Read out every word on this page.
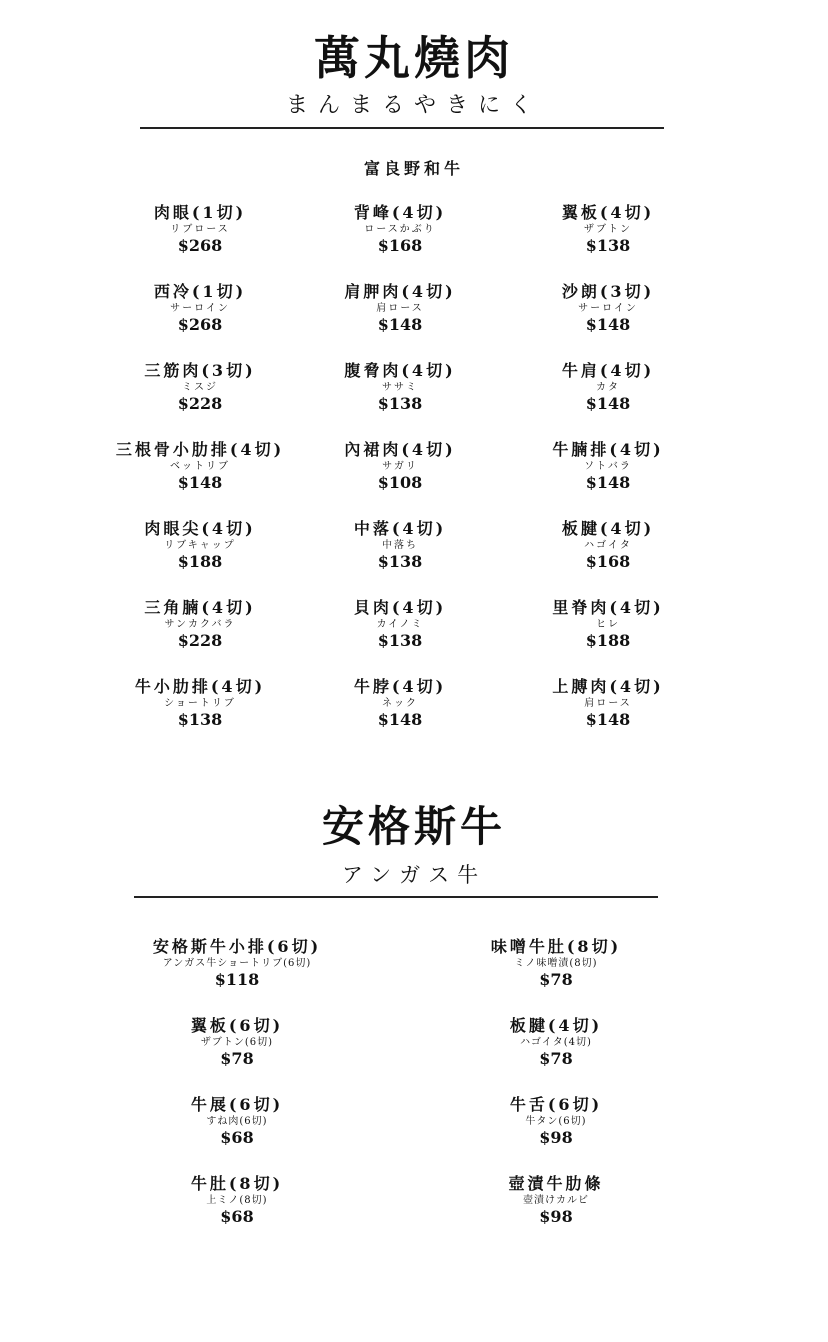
萬丸燒肉
まんまるやきにく
富良野和牛
肉眼(1切)
リブロース
$268
背峰(4切)
ロースかぶり
$168
翼板(4切)
ザブトン
$138
西冷(1切)
サーロイン
$268
肩胛肉(4切)
肩ロース
$148
沙朗(3切)
サーロイン
$148
三筋肉(3切)
ミスジ
$228
腹脅肉(4切)
ササミ
$138
牛肩(4切)
カタ
$148
三根骨小肋排(4切)
ベットリブ
$148
內裙肉(4切)
サガリ
$108
牛腩排(4切)
ソトバラ
$148
肉眼尖(4切)
リブキャップ
$188
中落(4切)
中落ち
$138
板腱(4切)
ハゴイタ
$168
三角腩(4切)
サンカクバラ
$228
貝肉(4切)
カイノミ
$138
里脊肉(4切)
ヒレ
$188
牛小肋排(4切)
ショートリブ
$138
牛脖(4切)
ネック
$148
上膊肉(4切)
肩ロース
$148
安格斯牛
アンガス牛
安格斯牛小排(6切)
アンガス牛ショートリブ(6切)
$118
味噌牛肚(8切)
ミノ味噌漬(8切)
$78
翼板(6切)
ザブトン(6切)
$78
板腱(4切)
ハゴイタ(4切)
$78
牛展(6切)
すね肉(6切)
$68
牛舌(6切)
牛タン(6切)
$98
牛肚(8切)
上ミノ(8切)
$68
壺漬牛肋條
壺漬けカルビ
$98
